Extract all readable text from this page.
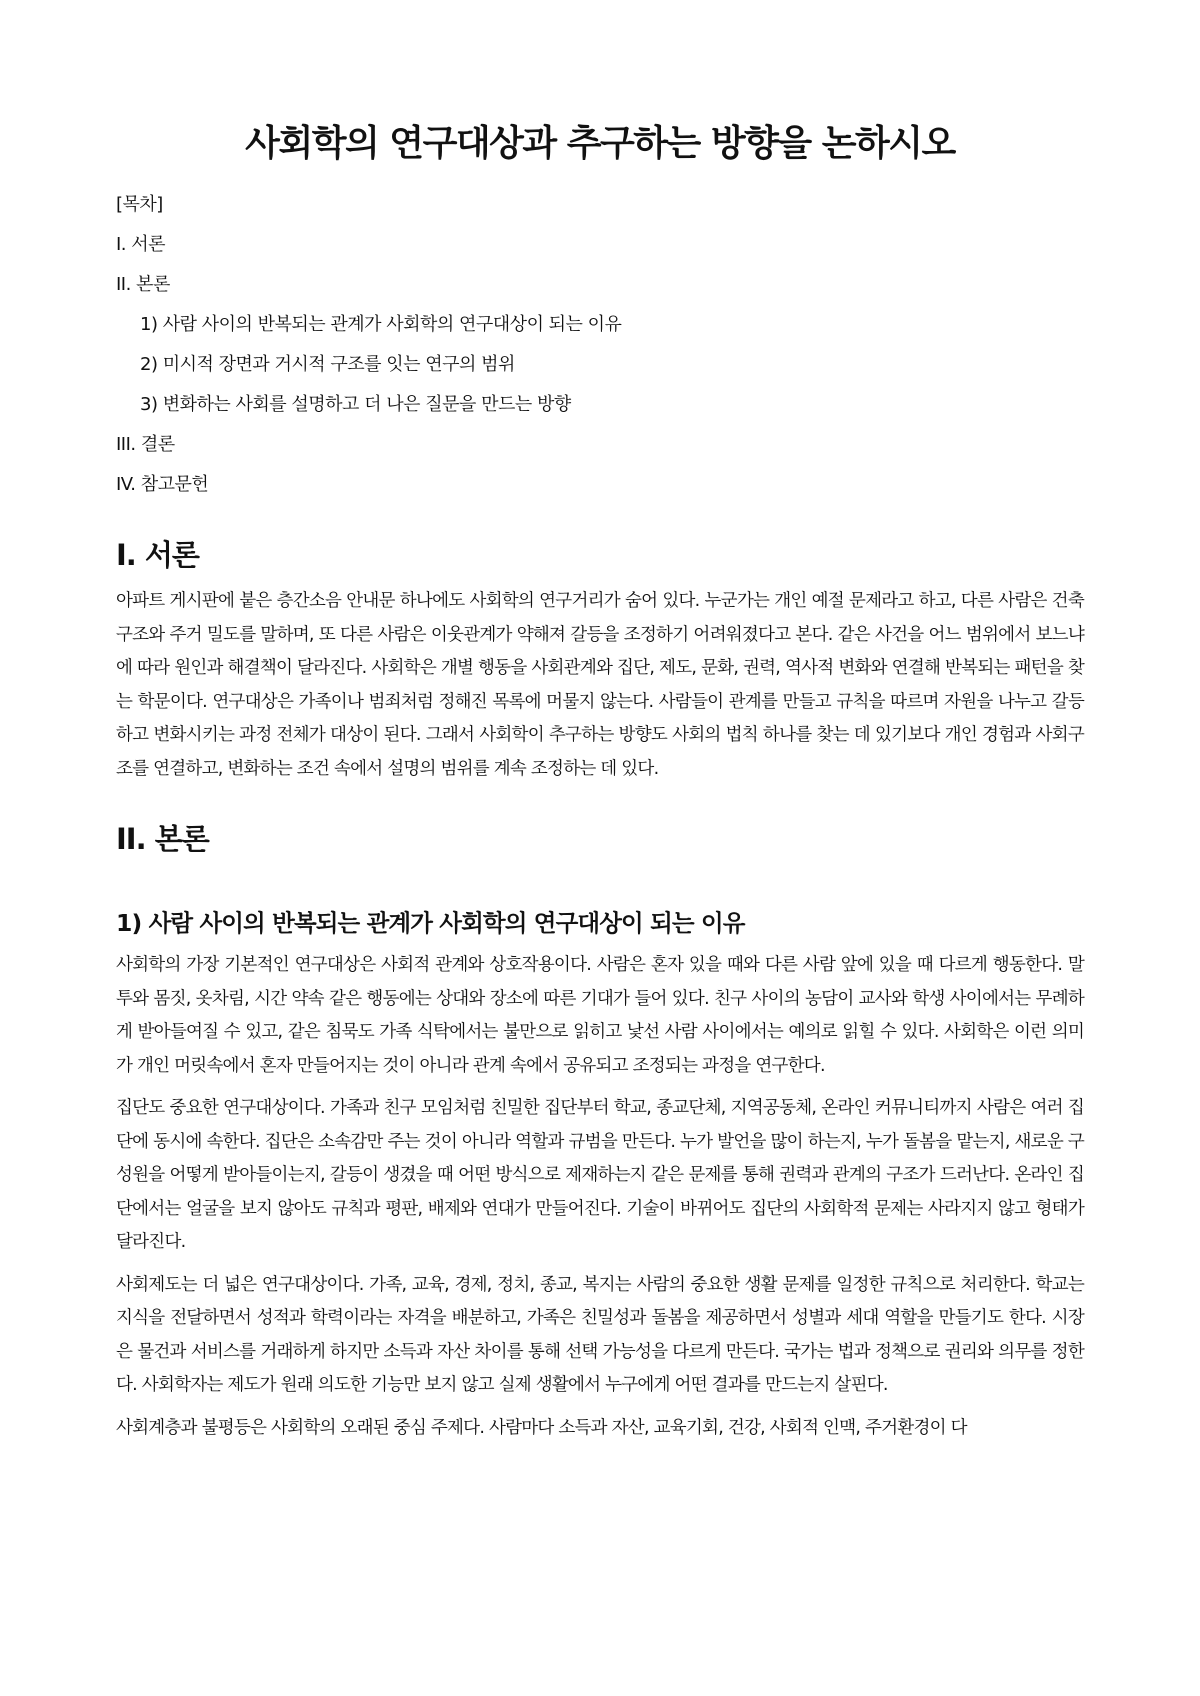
사회학의 연구대상과 추구하는 방향을 논하시오
[목차]
I. 서론
II. 본론
1) 사람 사이의 반복되는 관계가 사회학의 연구대상이 되는 이유
2) 미시적 장면과 거시적 구조를 잇는 연구의 범위
3) 변화하는 사회를 설명하고 더 나은 질문을 만드는 방향
III. 결론
IV. 참고문헌
I. 서론

아파트 게시판에 붙은 층간소음 안내문 하나에도 사회학의 연구거리가 숨어 있다. 누군가는 개인 예절 문제라고 하고, 다른 사람은 건축 구조와 주거 밀도를 말하며, 또 다른 사람은 이웃관계가 약해져 갈등을 조정하기 어려워졌다고 본다. 같은 사건을 어느 범위에서 보느냐에 따라 원인과 해결책이 달라진다. 사회학은 개별 행동을 사회관계와 집단, 제도, 문화, 권력, 역사적 변화와 연결해 반복되는 패턴을 찾는 학문이다. 연구대상은 가족이나 범죄처럼 정해진 목록에 머물지 않는다. 사람들이 관계를 만들고 규칙을 따르며 자원을 나누고 갈등하고 변화시키는 과정 전체가 대상이 된다. 그래서 사회학이 추구하는 방향도 사회의 법칙 하나를 찾는 데 있기보다 개인 경험과 사회구조를 연결하고, 변화하는 조건 속에서 설명의 범위를 계속 조정하는 데 있다.

II. 본론
1) 사람 사이의 반복되는 관계가 사회학의 연구대상이 되는 이유

사회학의 가장 기본적인 연구대상은 사회적 관계와 상호작용이다. 사람은 혼자 있을 때와 다른 사람 앞에 있을 때 다르게 행동한다. 말투와 몸짓, 옷차림, 시간 약속 같은 행동에는 상대와 장소에 따른 기대가 들어 있다. 친구 사이의 농담이 교사와 학생 사이에서는 무례하게 받아들여질 수 있고, 같은 침묵도 가족 식탁에서는 불만으로 읽히고 낯선 사람 사이에서는 예의로 읽힐 수 있다. 사회학은 이런 의미가 개인 머릿속에서 혼자 만들어지는 것이 아니라 관계 속에서 공유되고 조정되는 과정을 연구한다.

집단도 중요한 연구대상이다. 가족과 친구 모임처럼 친밀한 집단부터 학교, 종교단체, 지역공동체, 온라인 커뮤니티까지 사람은 여러 집단에 동시에 속한다. 집단은 소속감만 주는 것이 아니라 역할과 규범을 만든다. 누가 발언을 많이 하는지, 누가 돌봄을 맡는지, 새로운 구성원을 어떻게 받아들이는지, 갈등이 생겼을 때 어떤 방식으로 제재하는지 같은 문제를 통해 권력과 관계의 구조가 드러난다. 온라인 집단에서는 얼굴을 보지 않아도 규칙과 평판, 배제와 연대가 만들어진다. 기술이 바뀌어도 집단의 사회학적 문제는 사라지지 않고 형태가 달라진다.

사회제도는 더 넓은 연구대상이다. 가족, 교육, 경제, 정치, 종교, 복지는 사람의 중요한 생활 문제를 일정한 규칙으로 처리한다. 학교는 지식을 전달하면서 성적과 학력이라는 자격을 배분하고, 가족은 친밀성과 돌봄을 제공하면서 성별과 세대 역할을 만들기도 한다. 시장은 물건과 서비스를 거래하게 하지만 소득과 자산 차이를 통해 선택 가능성을 다르게 만든다. 국가는 법과 정책으로 권리와 의무를 정한다. 사회학자는 제도가 원래 의도한 기능만 보지 않고 실제 생활에서 누구에게 어떤 결과를 만드는지 살핀다.

사회계층과 불평등은 사회학의 오래된 중심 주제다. 사람마다 소득과 자산, 교육기회, 건강, 사회적 인맥, 주거환경이 다
